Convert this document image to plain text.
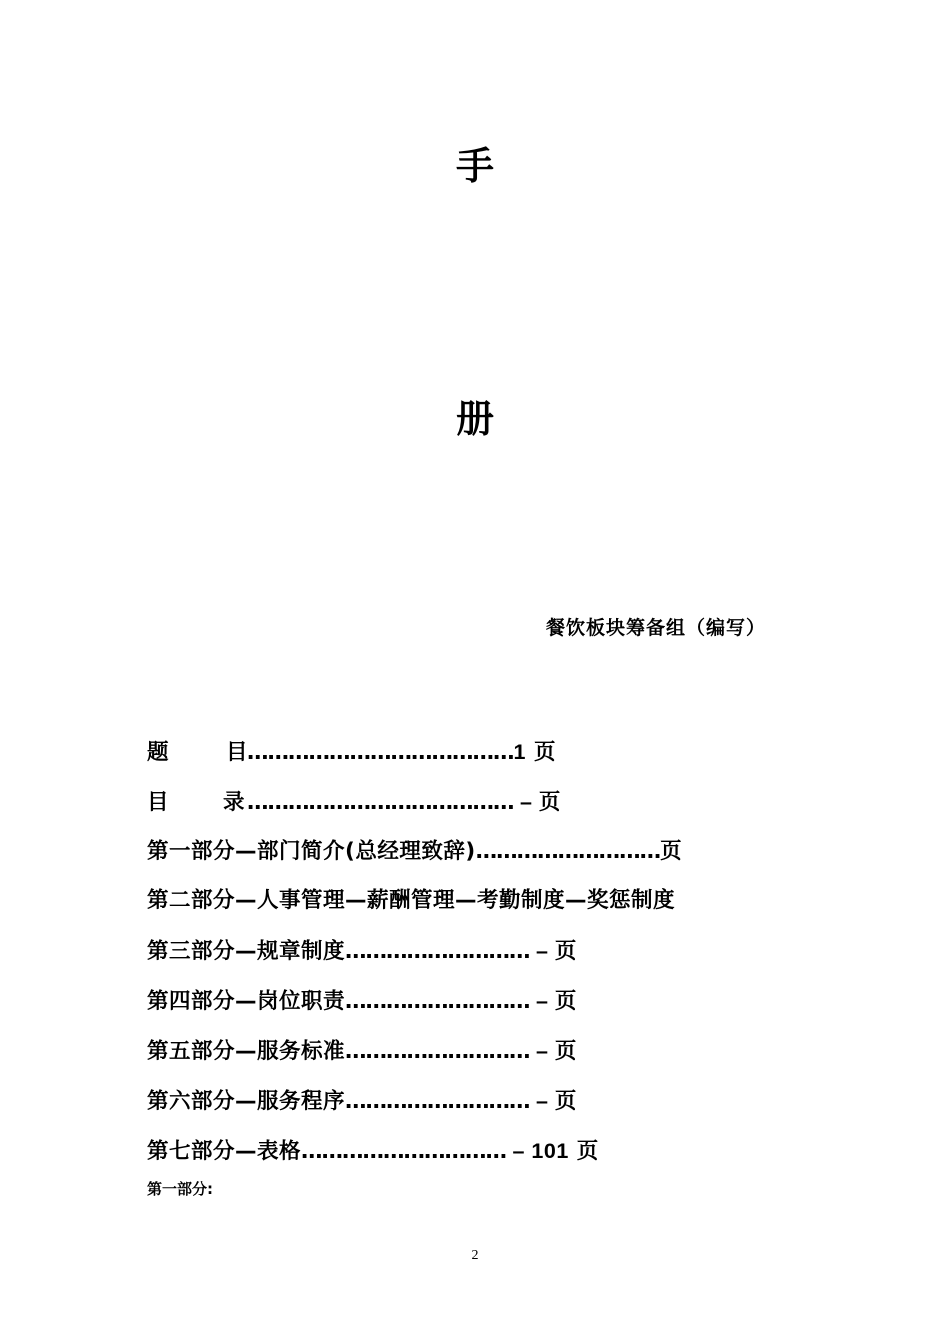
手
册
餐饮板块筹备组（编写）
题	目…………………………………1 页
目	录………………………………… – 页
第一部分—部门简介(总经理致辞)………………………页
第二部分—人事管理—薪酬管理—考勤制度—奖惩制度
第三部分—规章制度……………………… – 页
第四部分—岗位职责……………………… – 页
第五部分—服务标准……………………… – 页
第六部分—服务程序……………………… – 页
第七部分—表格………………………… – 101 页
第一部分:
2
